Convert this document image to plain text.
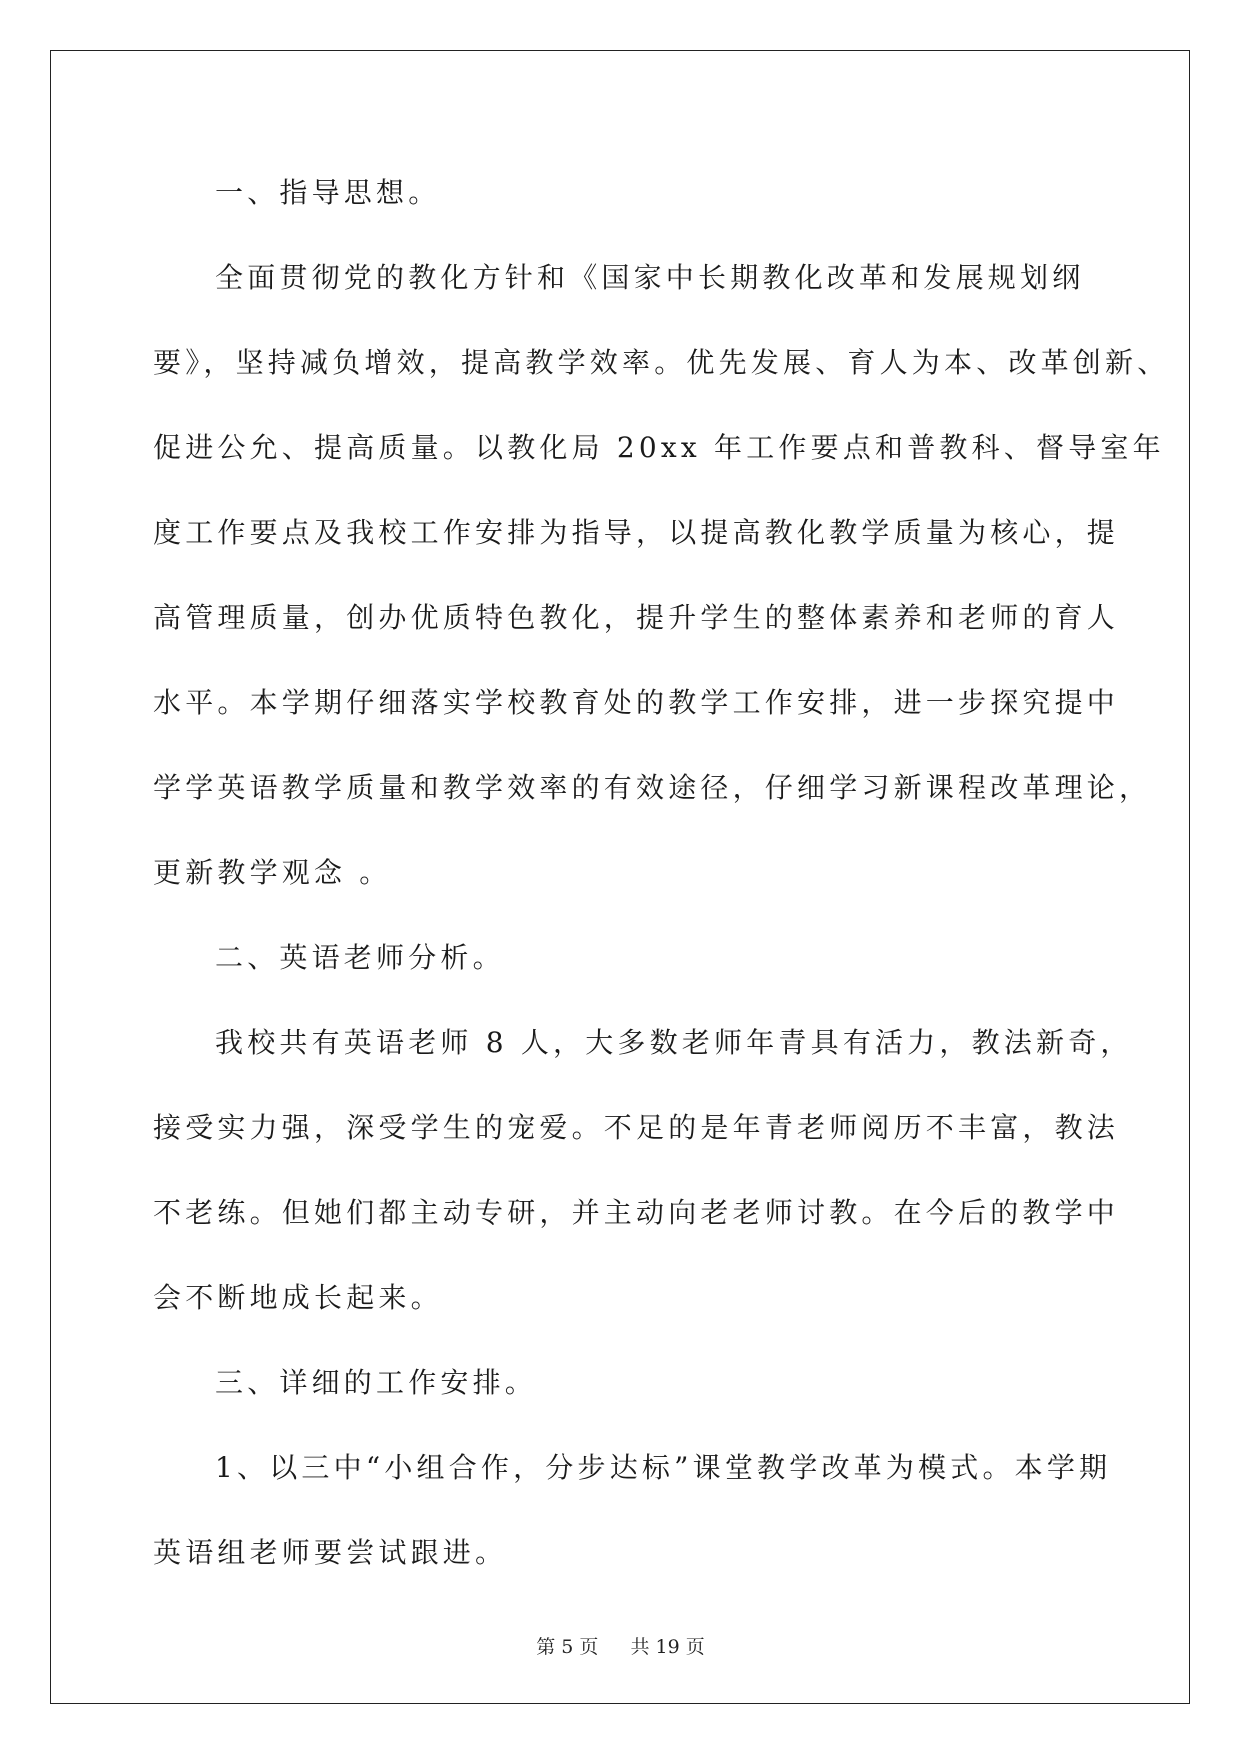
一、指导思想。
全面贯彻党的教化方针和《国家中长期教化改革和发展规划纲
要》，坚持减负增效，提高教学效率。优先发展、育人为本、改革创新、
促进公允、提高质量。以教化局 20xx 年工作要点和普教科、督导室年
度工作要点及我校工作安排为指导，以提高教化教学质量为核心，提
高管理质量，创办优质特色教化，提升学生的整体素养和老师的育人
水平。本学期仔细落实学校教育处的教学工作安排，进一步探究提中
学学英语教学质量和教学效率的有效途径，仔细学习新课程改革理论，
更新教学观念 。
二、英语老师分析。
我校共有英语老师 8 人，大多数老师年青具有活力，教法新奇，
接受实力强，深受学生的宠爱。不足的是年青老师阅历不丰富，教法
不老练。但她们都主动专研，并主动向老老师讨教。在今后的教学中
会不断地成长起来。
三、详细的工作安排。
1、以三中“小组合作，分步达标”课堂教学改革为模式。本学期
英语组老师要尝试跟进。
第 5 页 共 19 页
